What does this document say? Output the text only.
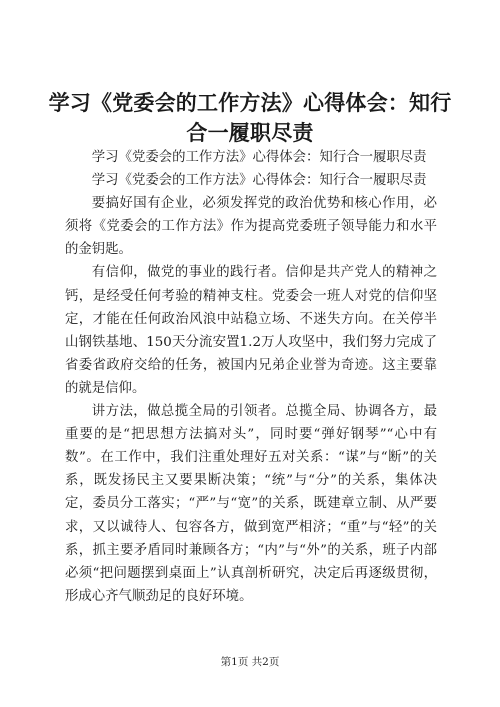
学习《党委会的工作方法》心得体会：知行合一履职尽责

学习《党委会的工作方法》心得体会：知行合一履职尽责

学习《党委会的工作方法》心得体会：知行合一履职尽责

要搞好国有企业，必须发挥党的政治优势和核心作用，必须将《党委会的工作方法》作为提高党委班子领导能力和水平的金钥匙。

有信仰，做党的事业的践行者。信仰是共产党人的精神之钙，是经受任何考验的精神支柱。党委会一班人对党的信仰坚定，才能在任何政治风浪中站稳立场、不迷失方向。在关停半山钢铁基地、150天分流安置1.2万人攻坚中，我们努力完成了省委省政府交给的任务，被国内兄弟企业誉为奇迹。这主要靠的就是信仰。

讲方法，做总揽全局的引领者。总揽全局、协调各方，最重要的是“把思想方法搞对头”，同时要“弹好钢琴”“心中有数”。在工作中，我们注重处理好五对关系：“谋”与“断”的关系，既发扬民主又要果断决策；“统”与“分”的关系，集体决定，委员分工落实；“严”与“宽”的关系，既建章立制、从严要求，又以诚待人、包容各方，做到宽严相济；“重”与“轻”的关系，抓主要矛盾同时兼顾各方；“内”与“外”的关系，班子内部必须“把问题摆到桌面上”认真剖析研究，决定后再逐级贯彻，形成心齐气顺劲足的良好环境。

第1页 共2页
